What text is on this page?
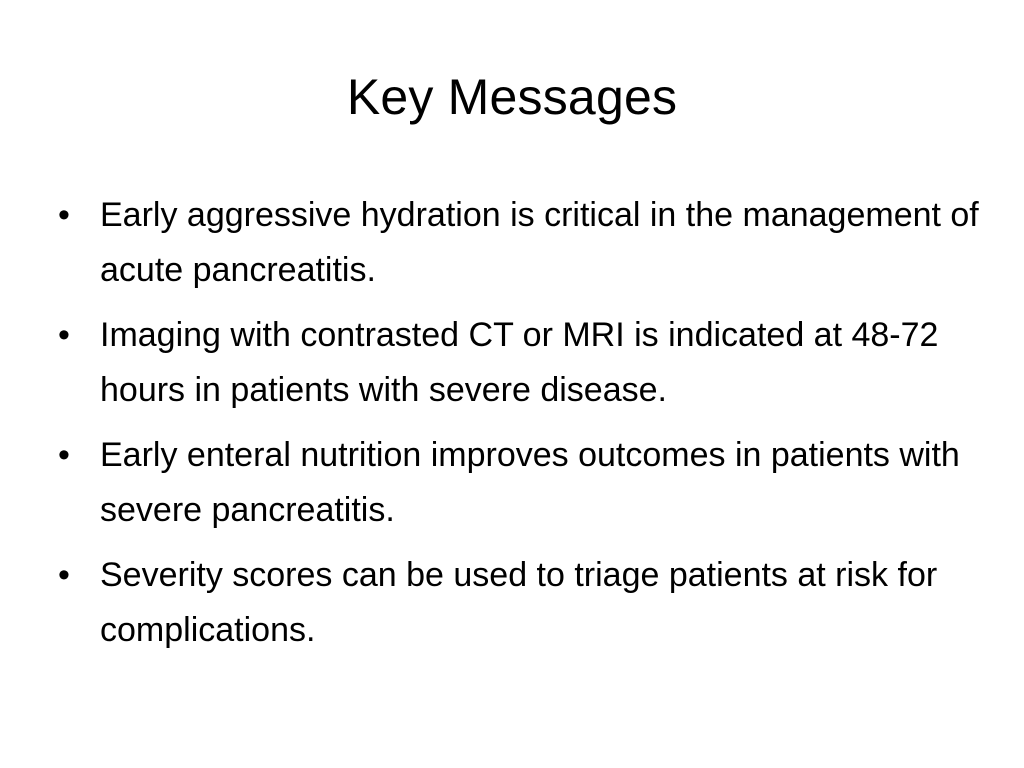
Key Messages
• Early aggressive hydration is critical in the management of acute pancreatitis.
• Imaging with contrasted CT or MRI is indicated at 48-72 hours in patients with severe disease.
• Early enteral nutrition improves outcomes in patients with severe pancreatitis.
• Severity scores can be used to triage patients at risk for complications.
